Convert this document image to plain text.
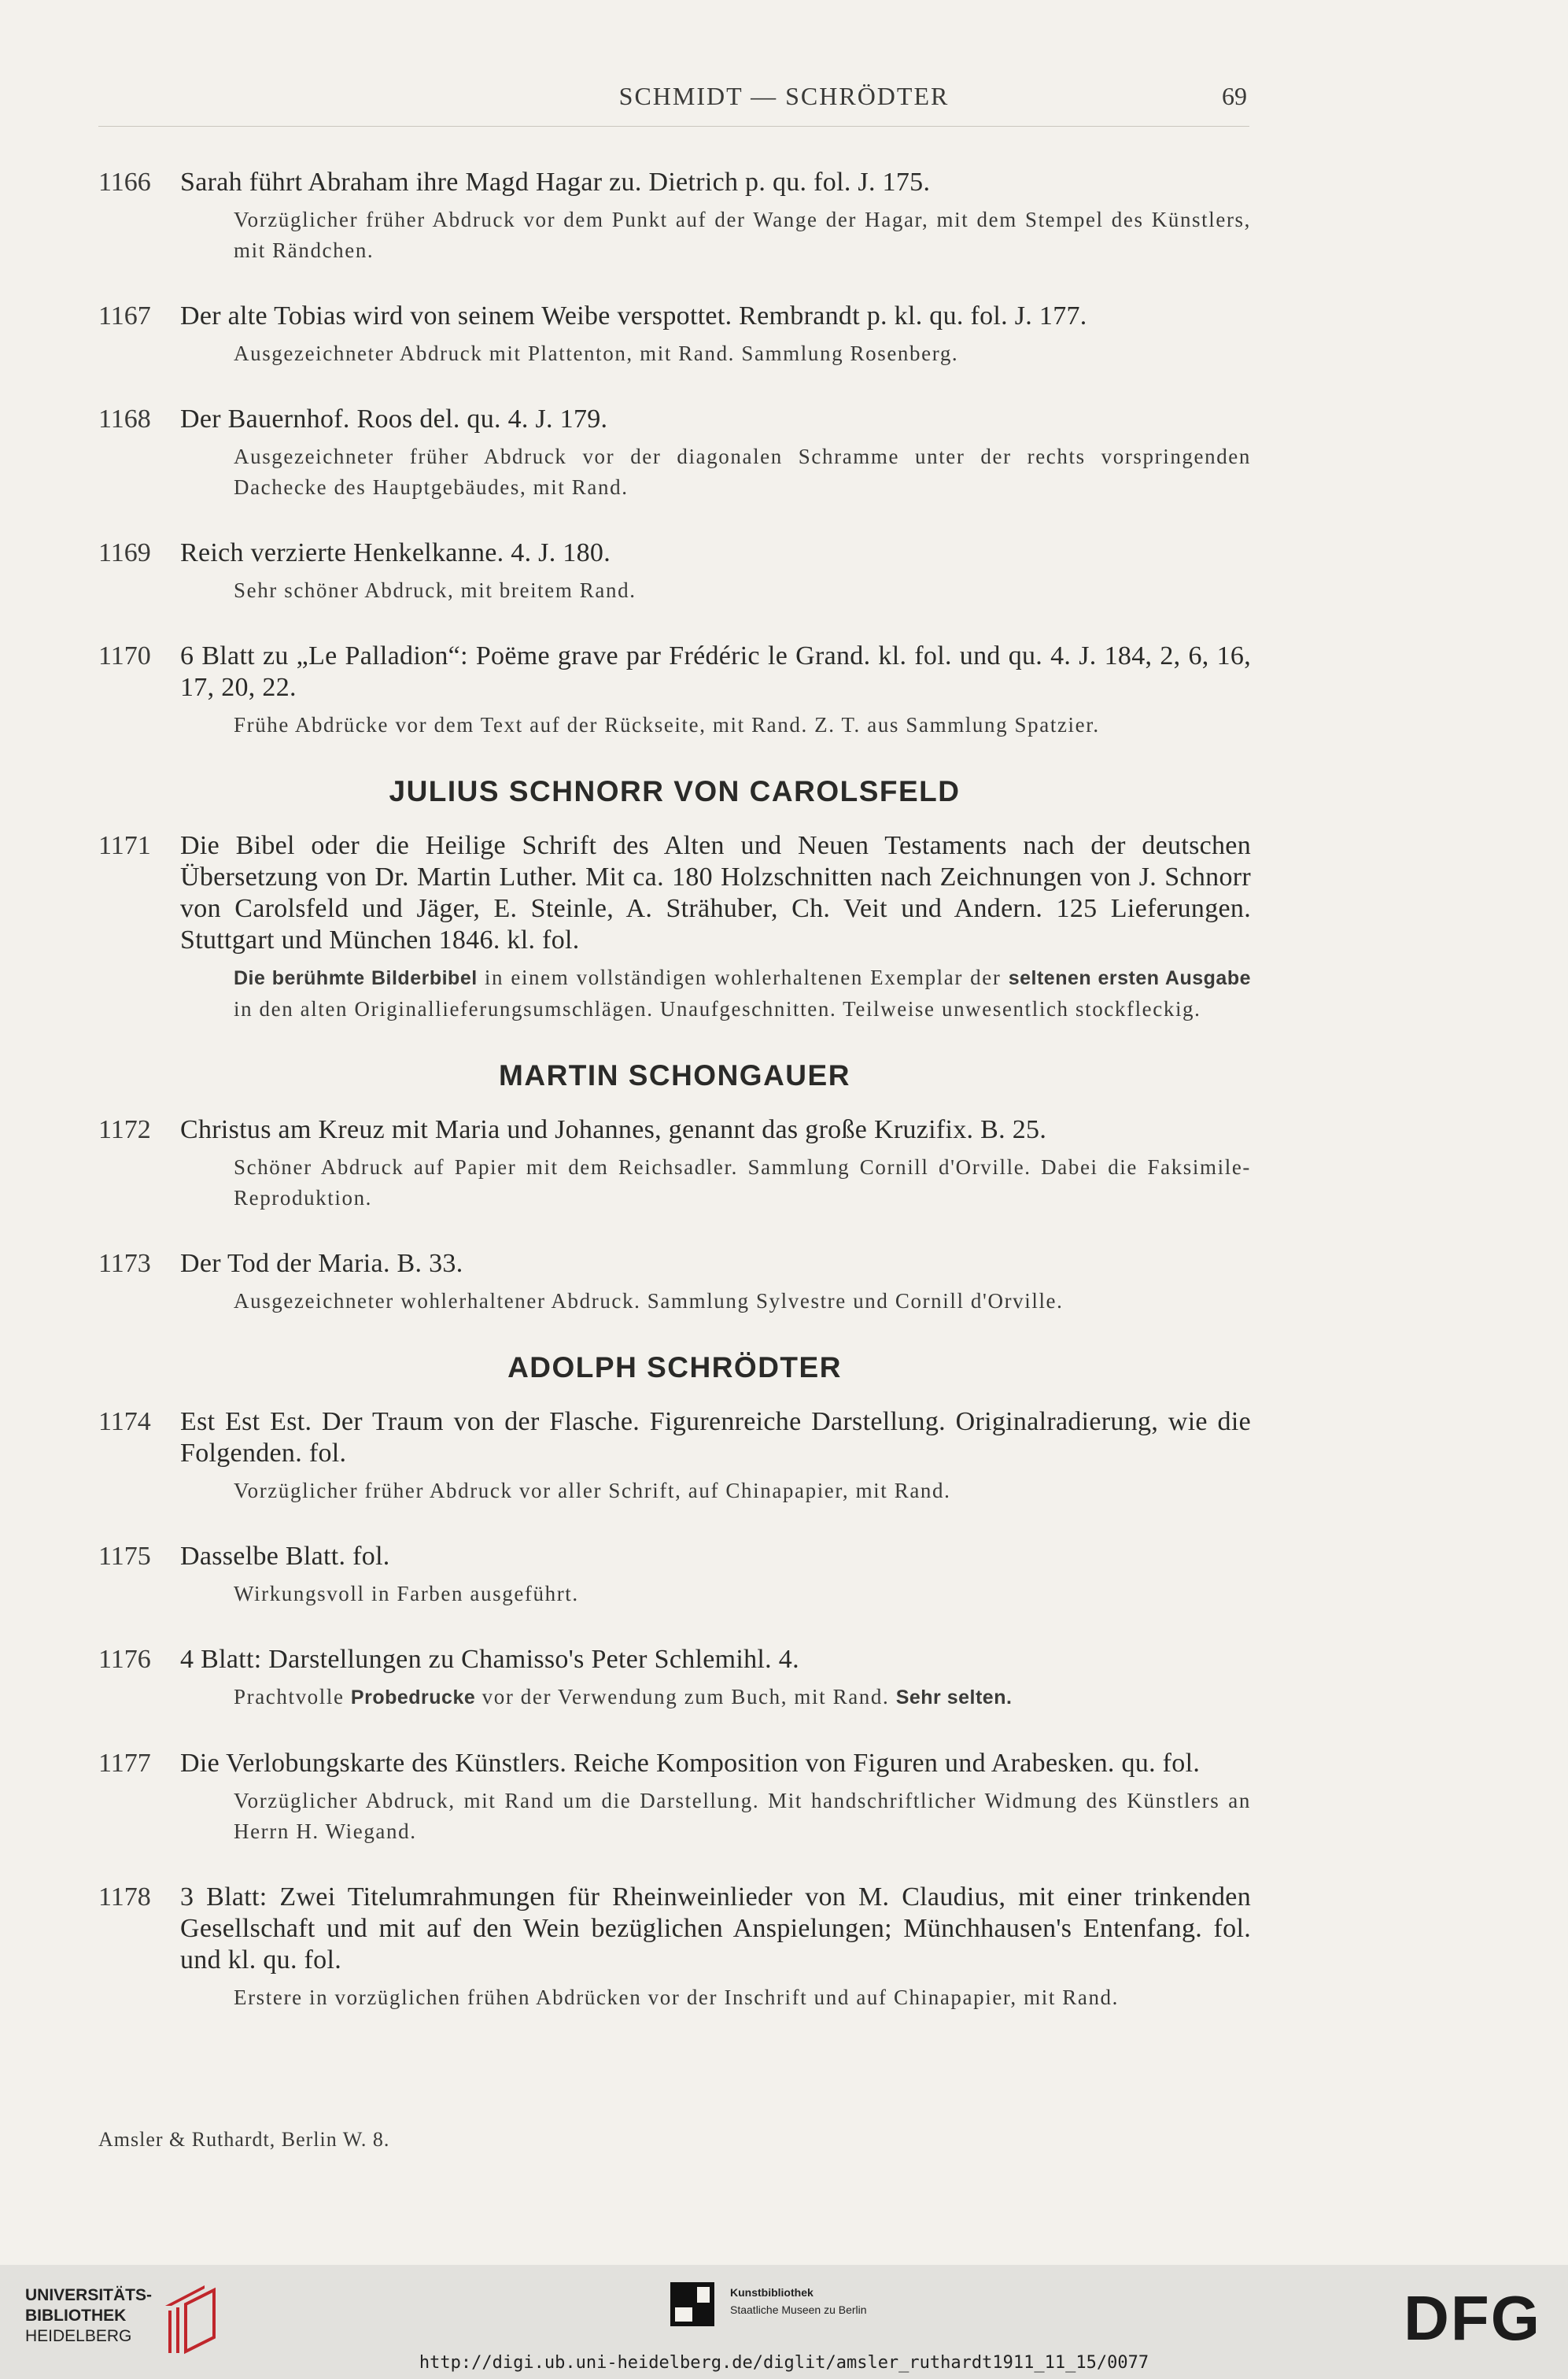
SCHMIDT — SCHRÖDTER	69
1166	Sarah führt Abraham ihre Magd Hagar zu. Dietrich p. qu. fol. J. 175.
Vorzüglicher früher Abdruck vor dem Punkt auf der Wange der Hagar, mit dem Stempel des Künstlers, mit Rändchen.
1167	Der alte Tobias wird von seinem Weibe verspottet. Rembrandt p. kl. qu. fol. J. 177.
Ausgezeichneter Abdruck mit Plattenton, mit Rand. Sammlung Rosenberg.
1168	Der Bauernhof. Roos del. qu. 4. J. 179.
Ausgezeichneter früher Abdruck vor der diagonalen Schramme unter der rechts vorspringenden Dachecke des Hauptgebäudes, mit Rand.
1169	Reich verzierte Henkelkanne. 4. J. 180.
Sehr schöner Abdruck, mit breitem Rand.
1170	6 Blatt zu „Le Palladion“: Poëme grave par Frédéric le Grand. kl. fol. und qu. 4. J. 184, 2, 6, 16, 17, 20, 22.
Frühe Abdrücke vor dem Text auf der Rückseite, mit Rand. Z. T. aus Sammlung Spatzier.
JULIUS SCHNORR VON CAROLSFELD
1171	Die Bibel oder die Heilige Schrift des Alten und Neuen Testaments nach der deutschen Übersetzung von Dr. Martin Luther. Mit ca. 180 Holzschnitten nach Zeichnungen von J. Schnorr von Carolsfeld und Jäger, E. Steinle, A. Strähuber, Ch. Veit und Andern. 125 Lieferungen. Stuttgart und München 1846. kl. fol.
Die berühmte Bilderbibel in einem vollständigen wohlerhaltenen Exemplar der seltenen ersten Ausgabe in den alten Originallieferungsumschlägen. Unaufgeschnitten. Teilweise unwesentlich stockfleckig.
MARTIN SCHONGAUER
1172	Christus am Kreuz mit Maria und Johannes, genannt das große Kruzifix. B. 25.
Schöner Abdruck auf Papier mit dem Reichsadler. Sammlung Cornill d'Orville. Dabei die Faksimile-Reproduktion.
1173	Der Tod der Maria. B. 33.
Ausgezeichneter wohlerhaltener Abdruck. Sammlung Sylvestre und Cornill d'Orville.
ADOLPH SCHRÖDTER
1174	Est Est Est. Der Traum von der Flasche. Figurenreiche Darstellung. Originalradierung, wie die Folgenden. fol.
Vorzüglicher früher Abdruck vor aller Schrift, auf Chinapapier, mit Rand.
1175	Dasselbe Blatt. fol.
Wirkungsvoll in Farben ausgeführt.
1176	4 Blatt: Darstellungen zu Chamisso's Peter Schlemihl. 4.
Prachtvolle Probedrucke vor der Verwendung zum Buch, mit Rand. Sehr selten.
1177	Die Verlobungskarte des Künstlers. Reiche Komposition von Figuren und Arabesken. qu. fol.
Vorzüglicher Abdruck, mit Rand um die Darstellung. Mit handschriftlicher Widmung des Künstlers an Herrn H. Wiegand.
1178	3 Blatt: Zwei Titelumrahmungen für Rheinweinlieder von M. Claudius, mit einer trinkenden Gesellschaft und mit auf den Wein bezüglichen Anspielungen; Münchhausen's Entenfang. fol. und kl. qu. fol.
Erstere in vorzüglichen frühen Abdrücken vor der Inschrift und auf Chinapapier, mit Rand.
Amsler & Ruthardt, Berlin W. 8.
UNIVERSITÄTS-
BIBLIOTHEK
HEIDELBERG
Kunstbibliothek
Staatliche Museen zu Berlin	DFG
http://digi.ub.uni-heidelberg.de/diglit/amsler_ruthardt1911_11_15/0077
